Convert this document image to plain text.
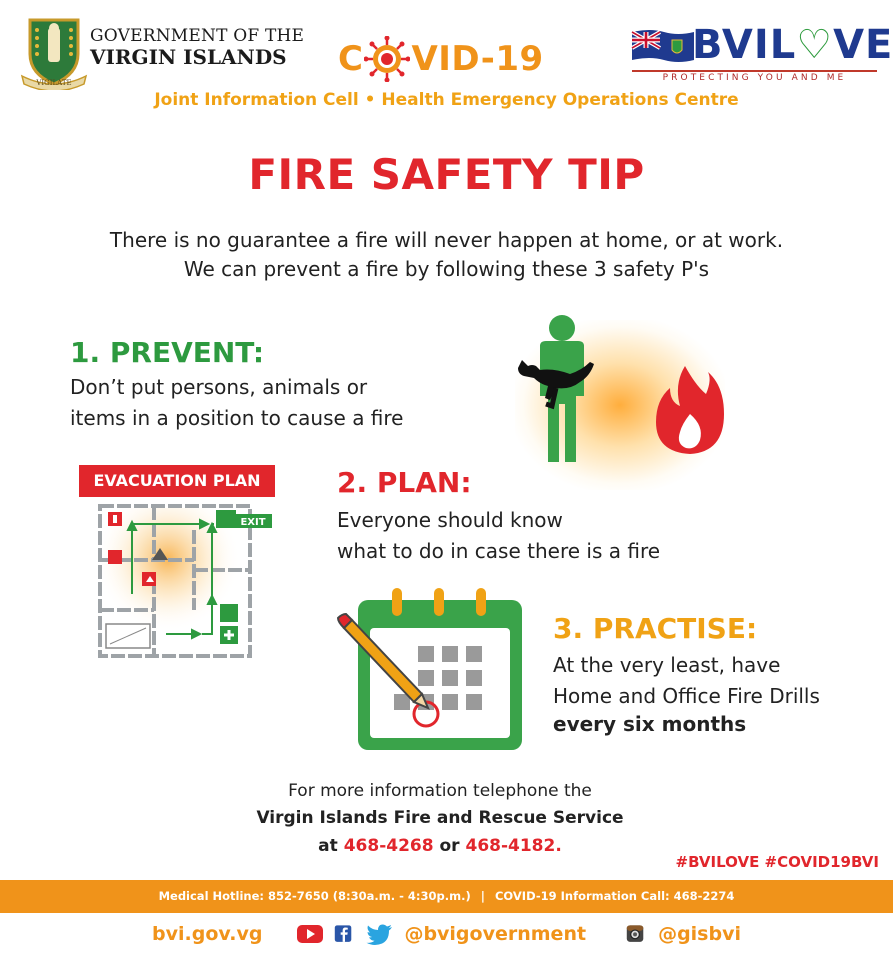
VIGILATE
GOVERNMENT OF THE
VIRGIN ISLANDS	C VID-19	BVIL♡VE
PROTECTING YOU AND ME
Joint Information Cell • Health Emergency Operations Centre
FIRE SAFETY TIP
There is no guarantee a fire will never happen at home, or at work.
We can prevent a fire by following these 3 safety P's
1. PREVENT:
Don’t put persons, animals or
items in a position to cause a fire
EVACUATION PLAN
EXIT
2. PLAN:
Everyone should know
what to do in case there is a fire
3. PRACTISE:
At the very least, have
Home and Office Fire Drills
every six months
For more information telephone the
Virgin Islands Fire and Rescue Service
at 468-4268 or 468-4182.
#BVILOVE #COVID19BVI
Medical Hotline: 852-7650 (8:30a.m. - 4:30p.m.) | COVID-19 Information Call: 468-2274
bvi.gov.vg	@bvigovernment	@gisbvi
